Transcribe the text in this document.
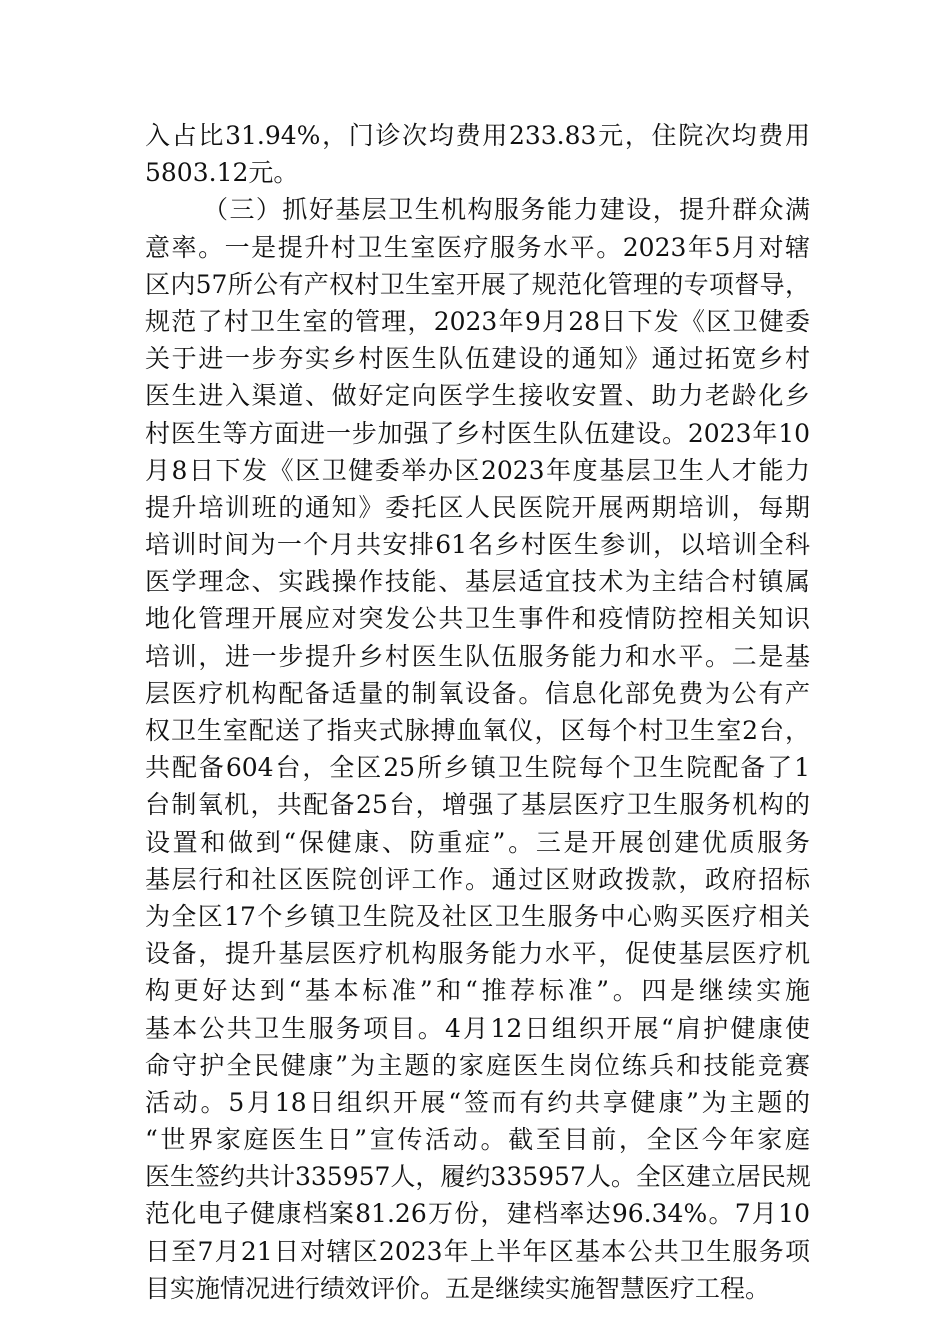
入占比31.94%，门诊次均费用233.83元，住院次均费用
5803.12元。
（三）抓好基层卫生机构服务能力建设，提升群众满
意率。一是提升村卫生室医疗服务水平。2023年5月对辖
区内57所公有产权村卫生室开展了规范化管理的专项督导，
规范了村卫生室的管理，2023年9月28日下发《区卫健委
关于进一步夯实乡村医生队伍建设的通知》通过拓宽乡村
医生进入渠道、做好定向医学生接收安置、助力老龄化乡
村医生等方面进一步加强了乡村医生队伍建设。2023年10
月8日下发《区卫健委举办区2023年度基层卫生人才能力
提升培训班的通知》委托区人民医院开展两期培训，每期
培训时间为一个月共安排61名乡村医生参训，以培训全科
医学理念、实践操作技能、基层适宜技术为主结合村镇属
地化管理开展应对突发公共卫生事件和疫情防控相关知识
培训，进一步提升乡村医生队伍服务能力和水平。二是基
层医疗机构配备适量的制氧设备。信息化部免费为公有产
权卫生室配送了指夹式脉搏血氧仪，区每个村卫生室2台，
共配备604台，全区25所乡镇卫生院每个卫生院配备了1
台制氧机，共配备25台，增强了基层医疗卫生服务机构的
设置和做到“保健康、防重症”。三是开展创建优质服务
基层行和社区医院创评工作。通过区财政拨款，政府招标
为全区17个乡镇卫生院及社区卫生服务中心购买医疗相关
设备，提升基层医疗机构服务能力水平，促使基层医疗机
构更好达到“基本标准”和“推荐标准”。四是继续实施
基本公共卫生服务项目。4月12日组织开展“肩护健康使
命守护全民健康”为主题的家庭医生岗位练兵和技能竞赛
活动。5月18日组织开展“签而有约共享健康”为主题的
“世界家庭医生日”宣传活动。截至目前，全区今年家庭
医生签约共计335957人，履约335957人。全区建立居民规
范化电子健康档案81.26万份，建档率达96.34%。7月10
日至7月21日对辖区2023年上半年区基本公共卫生服务项
目实施情况进行绩效评价。五是继续实施智慧医疗工程。
